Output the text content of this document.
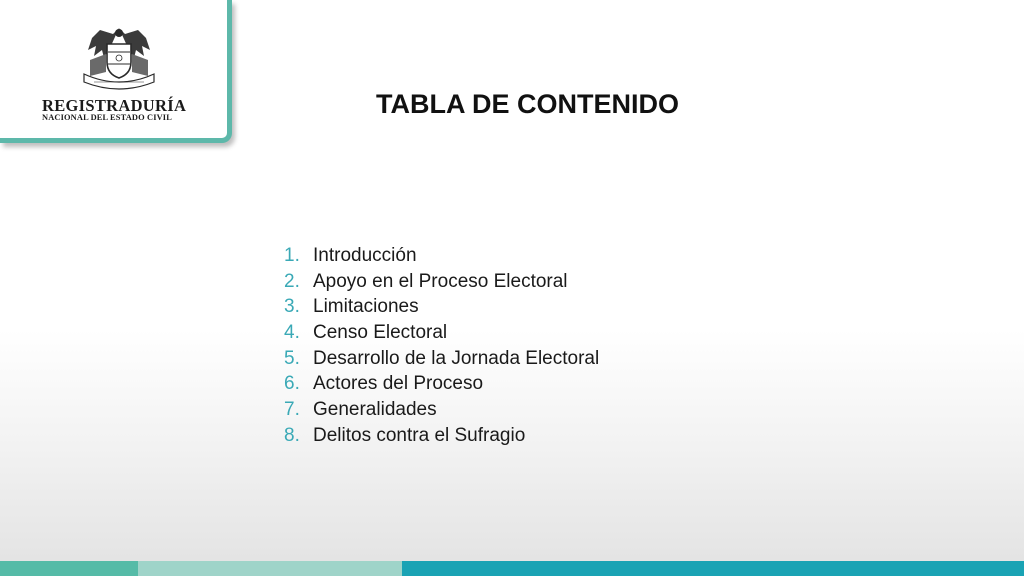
REGISTRADURÍA
NACIONAL DEL ESTADO CIVIL	TABLA DE CONTENIDO
1. Introducción
2. Apoyo en el Proceso Electoral
3. Limitaciones
4. Censo Electoral
5. Desarrollo de la Jornada Electoral
6. Actores del Proceso
7. Generalidades
8. Delitos contra el Sufragio
